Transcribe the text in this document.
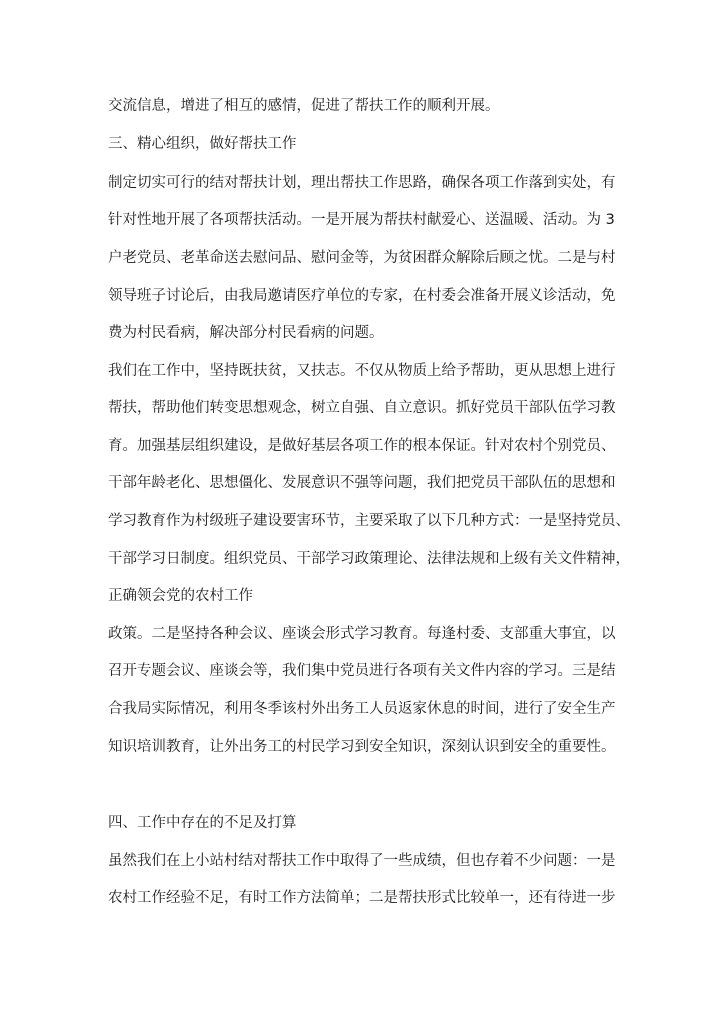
交流信息，增进了相互的感情，促进了帮扶工作的顺利开展。
三、精心组织，做好帮扶工作
制定切实可行的结对帮扶计划，理出帮扶工作思路，确保各项工作落到实处，有
针对性地开展了各项帮扶活动。一是开展为帮扶村献爱心、送温暖、活动。为 3
户老党员、老革命送去慰问品、慰问金等，为贫困群众解除后顾之忧。二是与村
领导班子讨论后，由我局邀请医疗单位的专家，在村委会准备开展义诊活动，免
费为村民看病，解决部分村民看病的问题。
我们在工作中，坚持既扶贫，又扶志。不仅从物质上给予帮助，更从思想上进行
帮扶，帮助他们转变思想观念，树立自强、自立意识。抓好党员干部队伍学习教
育。加强基层组织建设，是做好基层各项工作的根本保证。针对农村个别党员、
干部年龄老化、思想僵化、发展意识不强等问题，我们把党员干部队伍的思想和
学习教育作为村级班子建设要害环节，主要采取了以下几种方式：一是坚持党员、
干部学习日制度。组织党员、干部学习政策理论、法律法规和上级有关文件精神，
正确领会党的农村工作
政策。二是坚持各种会议、座谈会形式学习教育。每逢村委、支部重大事宜，以
召开专题会议、座谈会等，我们集中党员进行各项有关文件内容的学习。三是结
合我局实际情况，利用冬季该村外出务工人员返家休息的时间，进行了安全生产
知识培训教育，让外出务工的村民学习到安全知识，深刻认识到安全的重要性。
四、工作中存在的不足及打算
虽然我们在上小站村结对帮扶工作中取得了一些成绩，但也存着不少问题：一是
农村工作经验不足，有时工作方法简单；二是帮扶形式比较单一，还有待进一步
